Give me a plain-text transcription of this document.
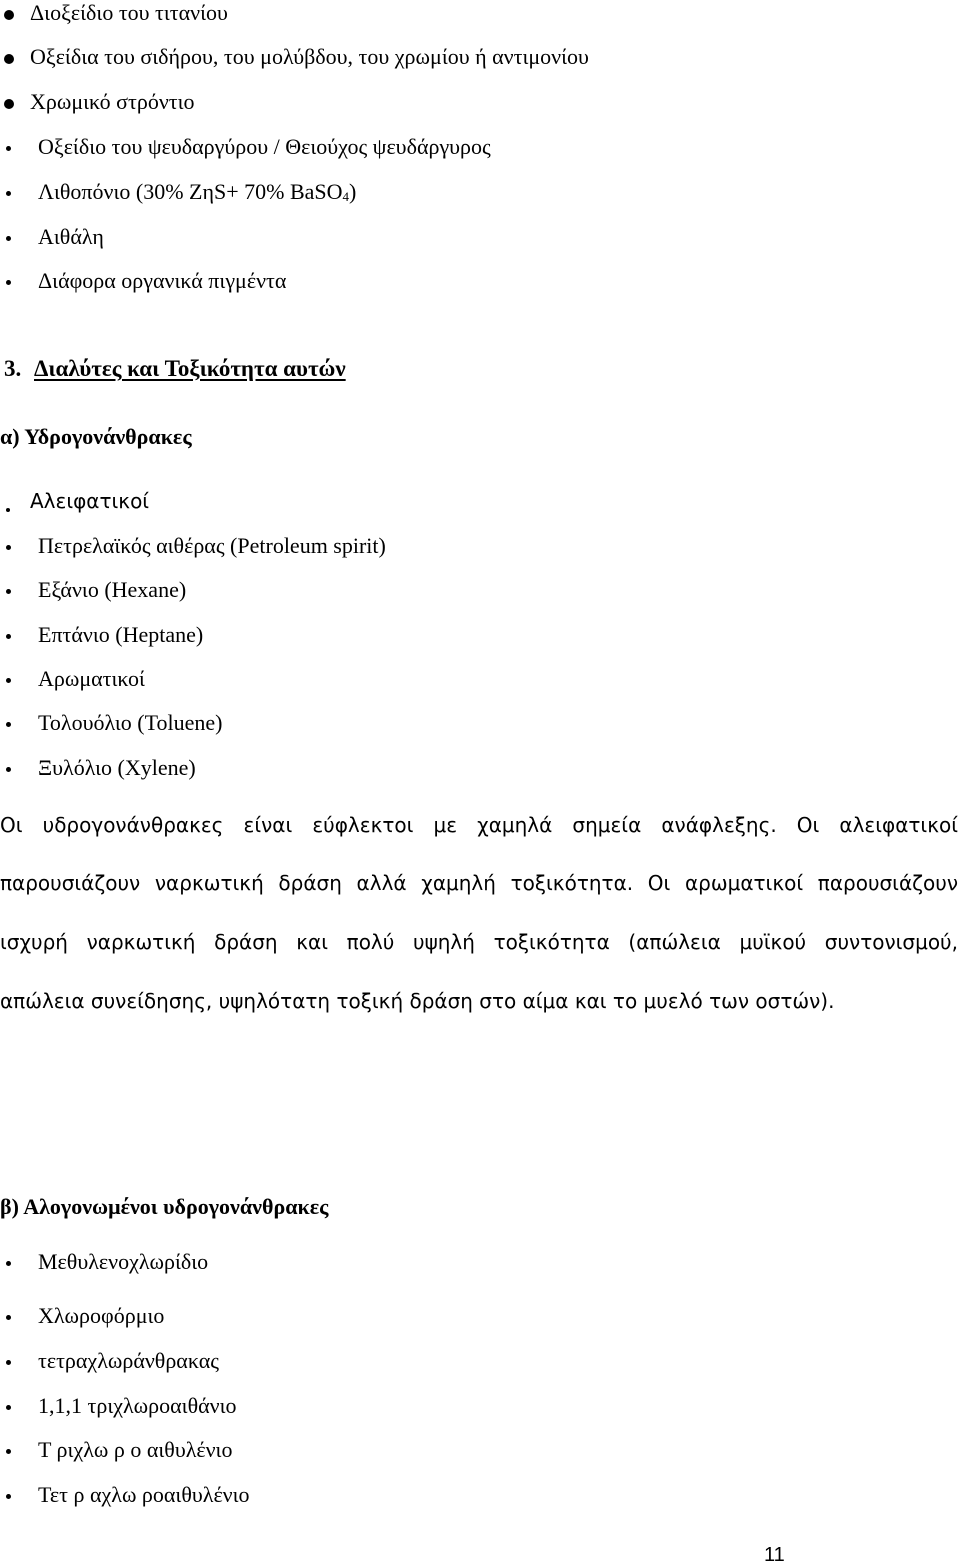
Διοξείδιο του τιτανίου
Οξείδια του σιδήρου, του μολύβδου, του χρωμίου ή αντιμονίου
Χρωμικό στρόντιο
Οξείδιο του ψευδαργύρου / Θειούχος ψευδάργυρος
Λιθοπόνιο (30% ΖηS+ 70% BaSO$_4$)
Αιθάλη
Διάφορα οργανικά πιγμέντα
3. Διαλύτες και Τοξικότητα αυτών
α) Υδρογονάνθρακες
Αλειφατικοί
Πετρελαϊκός αιθέρας (Petroleum spirit)
Εξάνιο (Hexane)
Επτάνιο (Heptane)
Αρωματικοί
Τολουόλιο (Toluene)
Ξυλόλιο (Xylene)
Οι υδρογονάνθρακες είναι εύφλεκτοι με χαμηλά σημεία ανάφλεξης. Οι αλειφατικοί
παρουσιάζουν ναρκωτική δράση αλλά χαμηλή τοξικότητα. Οι αρωματικοί παρουσιάζουν
ισχυρή ναρκωτική δράση και πολύ υψηλή τοξικότητα (απώλεια μυϊκού συντονισμού,
απώλεια συνείδησης, υψηλότατη τοξική δράση στο αίμα και το μυελό των οστών).
β) Αλογονωμένοι υδρογονάνθρακες
Μεθυλενοχλωρίδιο
Χλωροφόρμιο
τετραχλωράνθρακας
1,1,1 τριχλωροαιθάνιο
Τ ριχλω ρ ο αιθυλένιο
Τετ ρ αχλω ροαιθυλένιο
11
